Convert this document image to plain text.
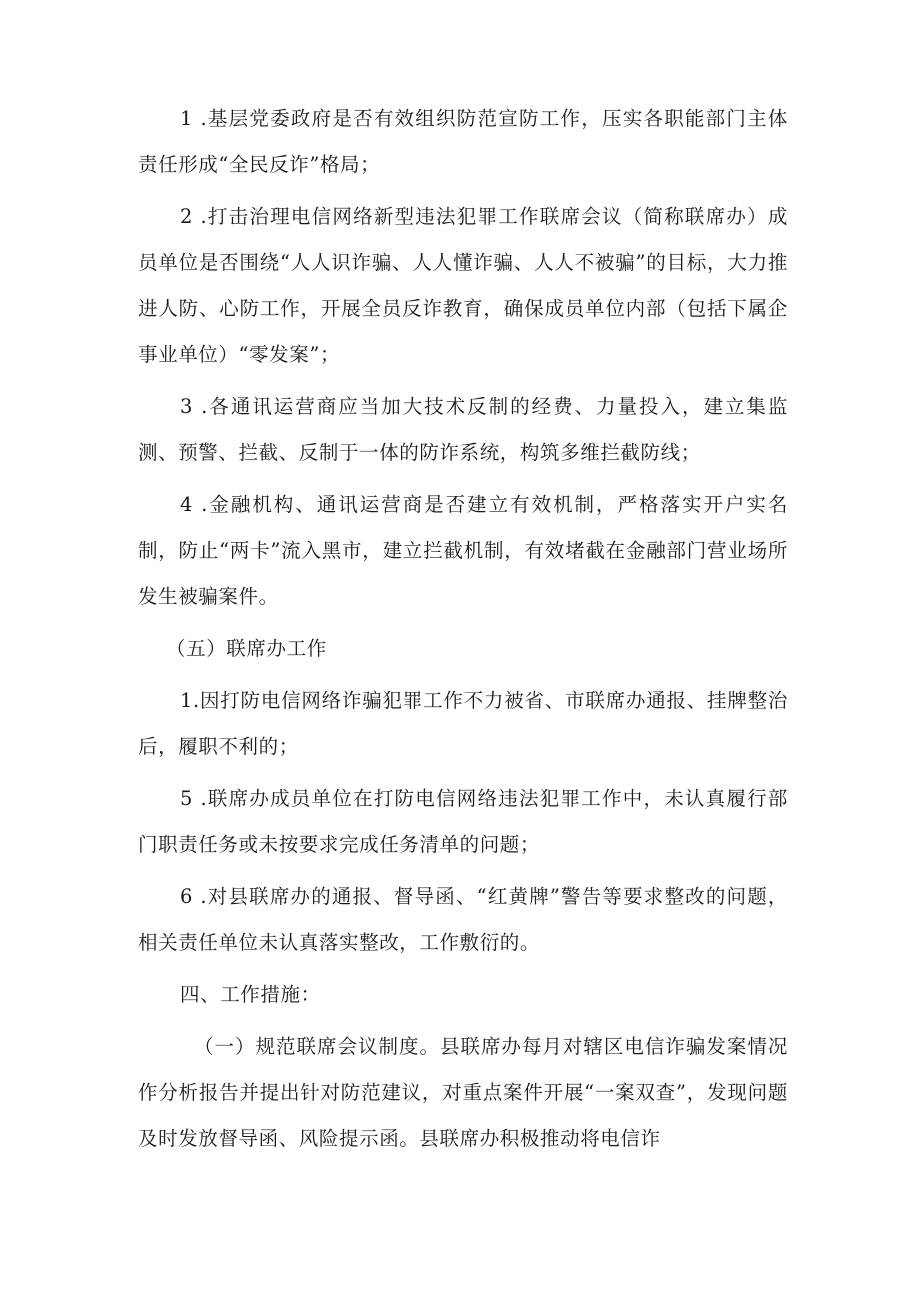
1 .基层党委政府是否有效组织防范宣防工作，压实各职能部门主体责任形成“全民反诈”格局；

2 .打击治理电信网络新型违法犯罪工作联席会议（简称联席办）成员单位是否围绕“人人识诈骗、人人懂诈骗、人人不被骗”的目标，大力推进人防、心防工作，开展全员反诈教育，确保成员单位内部（包括下属企事业单位）“零发案”；

3 .各通讯运营商应当加大技术反制的经费、力量投入，建立集监测、预警、拦截、反制于一体的防诈系统，构筑多维拦截防线；

4 .金融机构、通讯运营商是否建立有效机制，严格落实开户实名制，防止“两卡”流入黑市，建立拦截机制，有效堵截在金融部门营业场所发生被骗案件。

（五）联席办工作

1.因打防电信网络诈骗犯罪工作不力被省、市联席办通报、挂牌整治后，履职不利的；

5 .联席办成员单位在打防电信网络违法犯罪工作中，未认真履行部门职责任务或未按要求完成任务清单的问题；

6 .对县联席办的通报、督导函、“红黄牌”警告等要求整改的问题，相关责任单位未认真落实整改，工作敷衍的。

四、工作措施：

（一）规范联席会议制度。县联席办每月对辖区电信诈骗发案情况作分析报告并提出针对防范建议，对重点案件开展“一案双查”，发现问题及时发放督导函、风险提示函。县联席办积极推动将电信诈
